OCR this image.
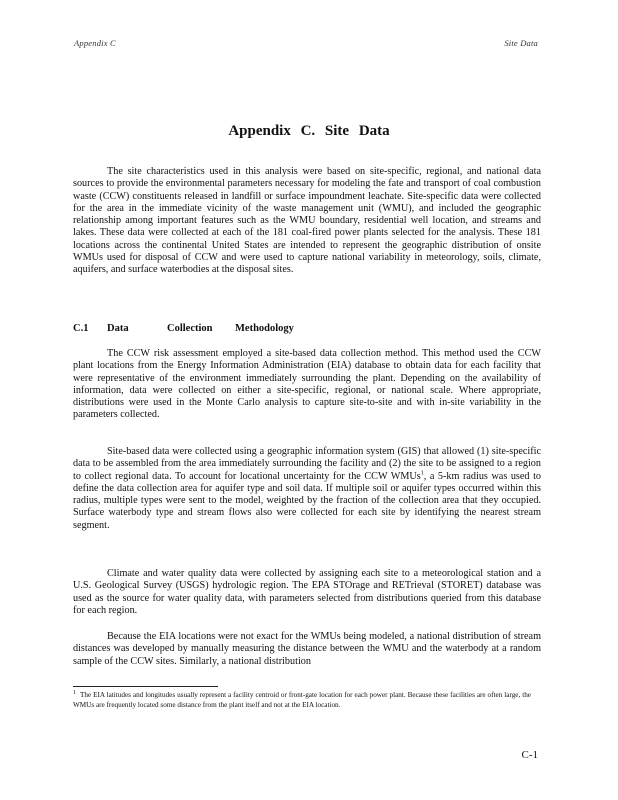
Appendix C	Site Data
Appendix C. Site Data

The site characteristics used in this analysis were based on site-specific, regional, and national data sources to provide the environmental parameters necessary for modeling the fate and transport of coal combustion waste (CCW) constituents released in landfill or surface impoundment leachate. Site-specific data were collected for the area in the immediate vicinity of the waste management unit (WMU), and included the geographic relationship among important features such as the WMU boundary, residential well location, and streams and lakes. These data were collected at each of the 181 coal-fired power plants selected for the analysis. These 181 locations across the continental United States are intended to represent the geographic distribution of onsite WMUs used for disposal of CCW and were used to capture national variability in meteorology, soils, climate, aquifers, and surface waterbodies at the disposal sites.

C.1 Data	Collection Methodology

The CCW risk assessment employed a site-based data collection method. This method used the CCW plant locations from the Energy Information Administration (EIA) database to obtain data for each facility that were representative of the environment immediately surrounding the plant. Depending on the availability of information, data were collected on either a site-specific, regional, or national scale. Where appropriate, distributions were used in the Monte Carlo analysis to capture site-to-site and with in-site variability in the parameters collected.

Site-based data were collected using a geographic information system (GIS) that allowed (1) site-specific data to be assembled from the area immediately surrounding the facility and (2) the site to be assigned to a region to collect regional data. To account for locational uncertainty for the CCW WMUs$^1$, a 5-km radius was used to define the data collection area for aquifer type and soil data. If multiple soil or aquifer types occurred within this radius, multiple types were sent to the model, weighted by the fraction of the collection area that they occupied. Surface waterbody type and stream flows also were collected for each site by identifying the nearest stream segment.

Climate and water quality data were collected by assigning each site to a meteorological station and a U.S. Geological Survey (USGS) hydrologic region. The EPA STOrage and RETrieval (STORET) database was used as the source for water quality data, with parameters selected from distributions queried from this database for each region.

Because the EIA locations were not exact for the WMUs being modeled, a national distribution of stream distances was developed by manually measuring the distance between the WMU and the waterbody at a random sample of the CCW sites. Similarly, a national distribution

$^1$ The EIA latitudes and longitudes usually represent a facility centroid or front-gate location for each power plant. Because these facilities are often large, the WMUs are frequently located some distance from the plant itself and not at the EIA location.

C-1
